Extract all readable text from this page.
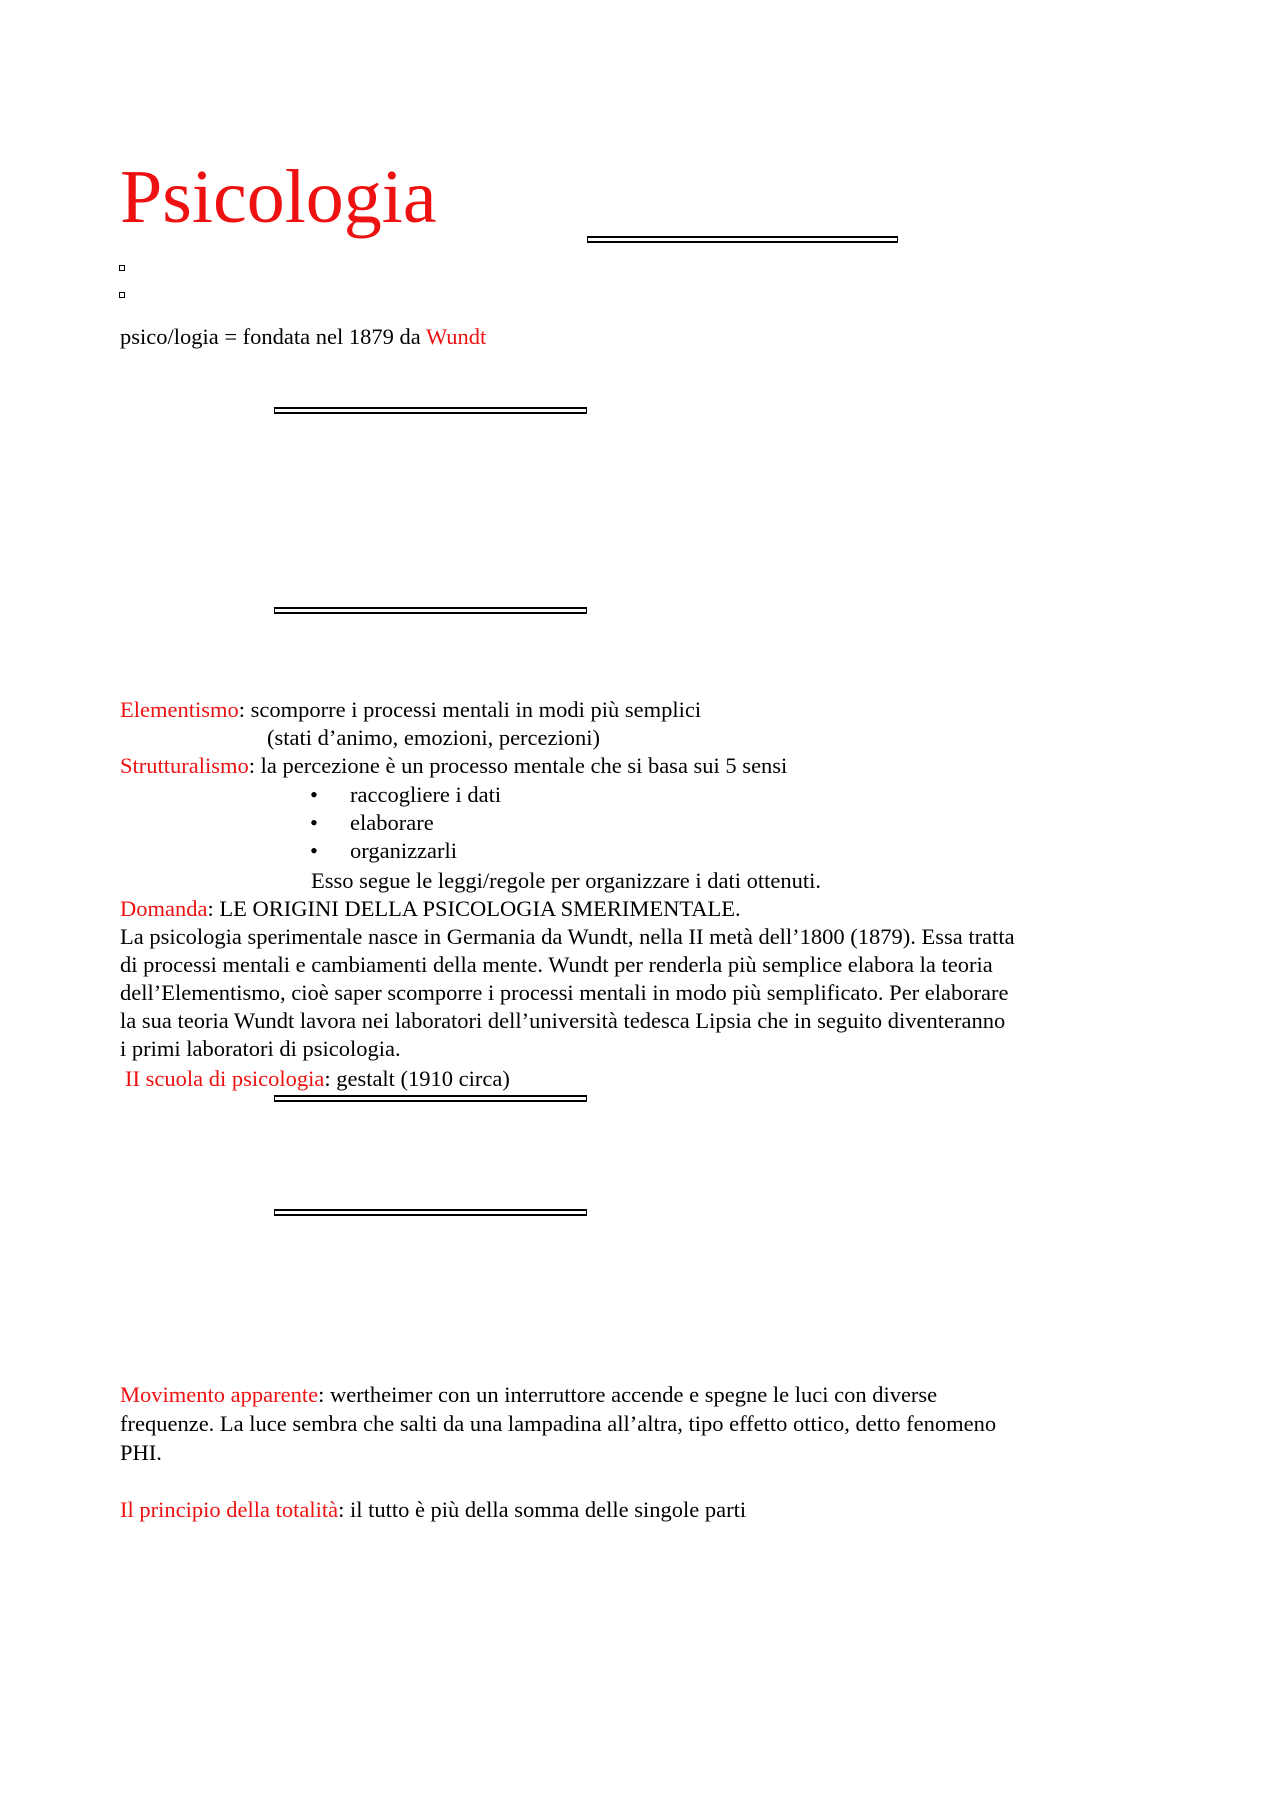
Psicologia
psico/logia = fondata nel 1879 da Wundt
Elementismo: scomporre i processi mentali in modi più semplici
(stati d’animo, emozioni, percezioni)
Strutturalismo: la percezione è un processo mentale che si basa sui 5 sensi
• raccogliere i dati
• elaborare
• organizzarli
Esso segue le leggi/regole per organizzare i dati ottenuti.
Domanda: LE ORIGINI DELLA PSICOLOGIA SMERIMENTALE.
La psicologia sperimentale nasce in Germania da Wundt, nella II metà dell’1800 (1879). Essa tratta
di processi mentali e cambiamenti della mente. Wundt per renderla più semplice elabora la teoria
dell’Elementismo, cioè saper scomporre i processi mentali in modo più semplificato. Per elaborare
la sua teoria Wundt lavora nei laboratori dell’università tedesca Lipsia che in seguito diventeranno
i primi laboratori di psicologia.
II scuola di psicologia: gestalt (1910 circa)
Movimento apparente: wertheimer con un interruttore accende e spegne le luci con diverse
frequenze. La luce sembra che salti da una lampadina all’altra, tipo effetto ottico, detto fenomeno
PHI.
Il principio della totalità: il tutto è più della somma delle singole parti
